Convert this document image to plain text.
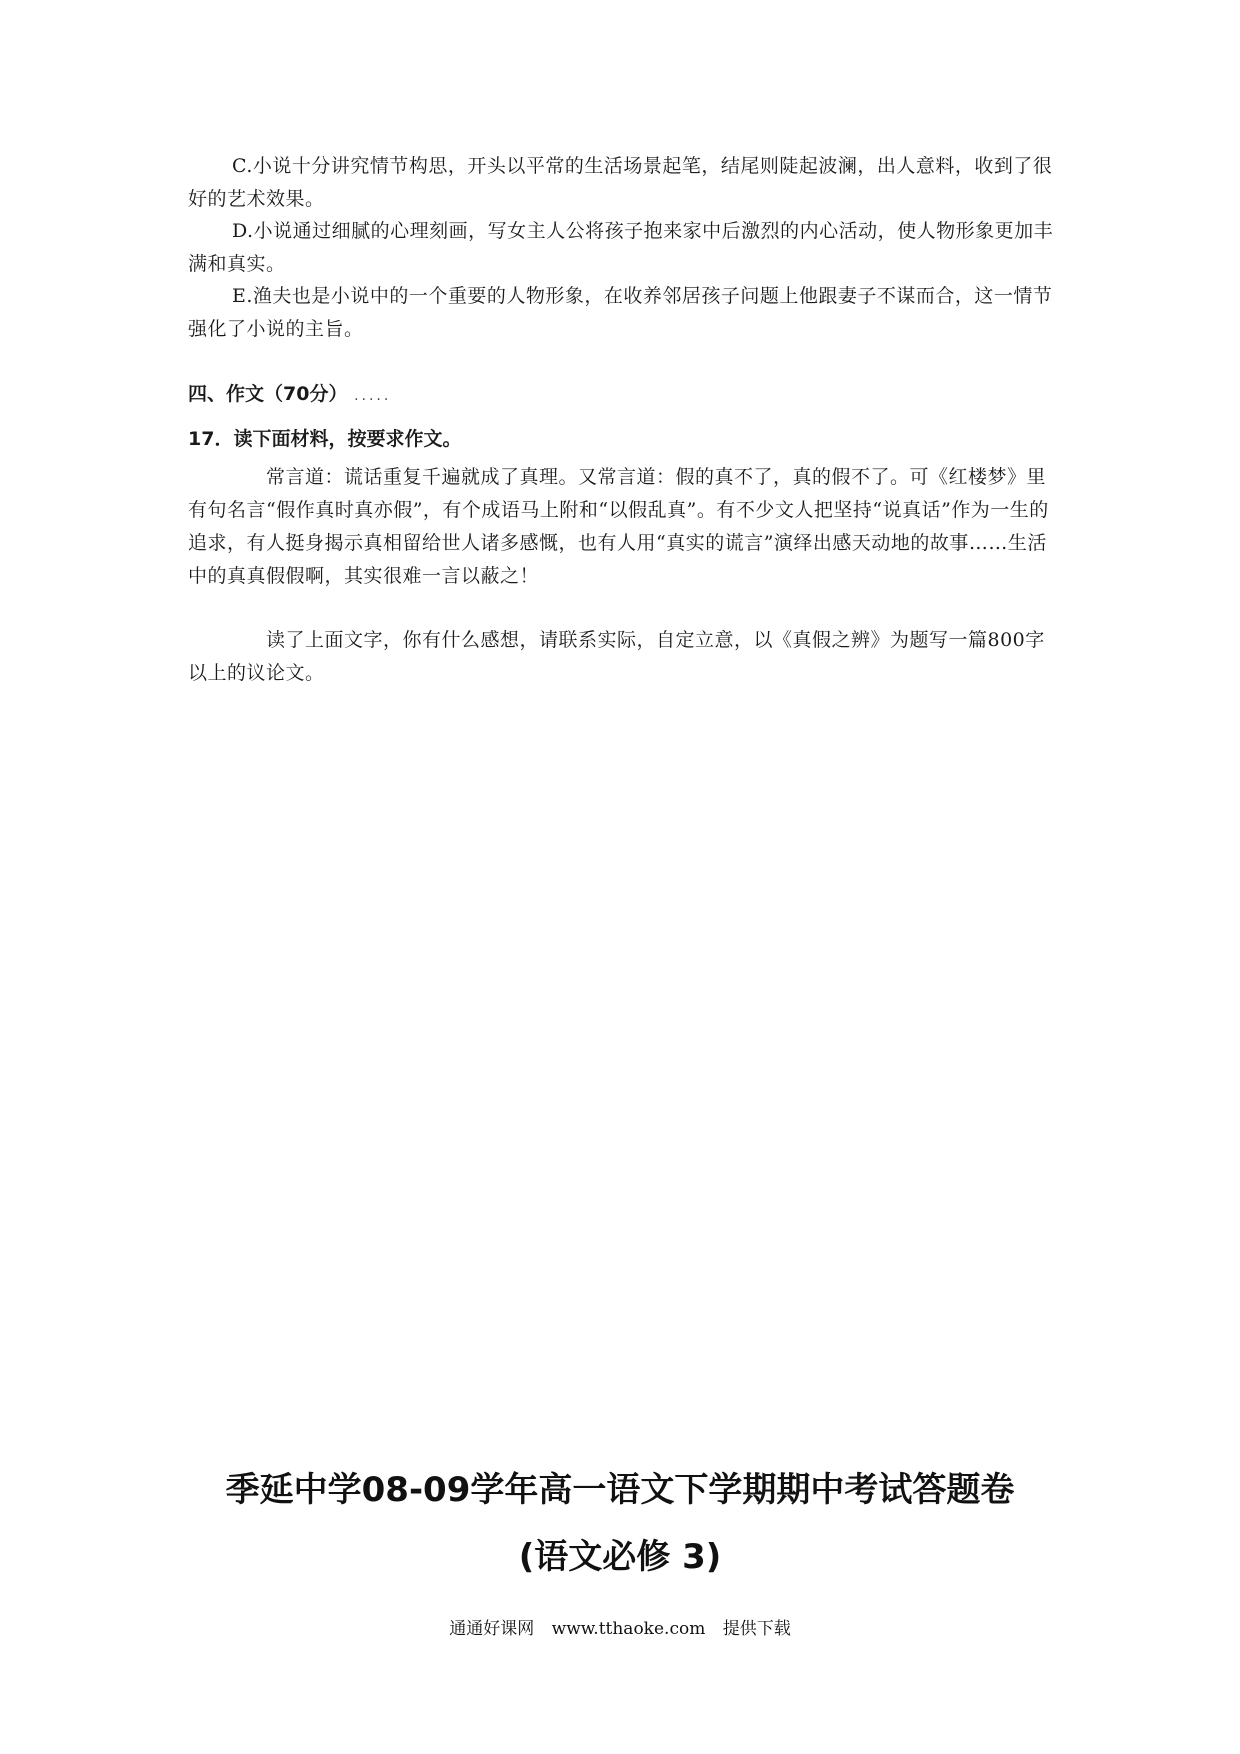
C.小说十分讲究情节构思，开头以平常的生活场景起笔，结尾则陡起波澜，出人意料，收到了很好的艺术效果。

D.小说通过细腻的心理刻画，写女主人公将孩子抱来家中后激烈的内心活动，使人物形象更加丰满和真实。

E.渔夫也是小说中的一个重要的人物形象，在收养邻居孩子问题上他跟妻子不谋而合，这一情节强化了小说的主旨。

四、作文（70分） .....

17．读下面材料，按要求作文。

常言道：谎话重复千遍就成了真理。又常言道：假的真不了，真的假不了。可《红楼梦》里有句名言“假作真时真亦假”，有个成语马上附和“以假乱真”。有不少文人把坚持“说真话”作为一生的追求，有人挺身揭示真相留给世人诸多感慨，也有人用“真实的谎言”演绎出感天动地的故事……生活中的真真假假啊，其实很难一言以蔽之！

读了上面文字，你有什么感想，请联系实际，自定立意，以《真假之辨》为题写一篇800字以上的议论文。

季延中学08-09学年高一语文下学期期中考试答题卷
(语文必修 3)
通通好课网 www.tthaoke.com 提供下载
